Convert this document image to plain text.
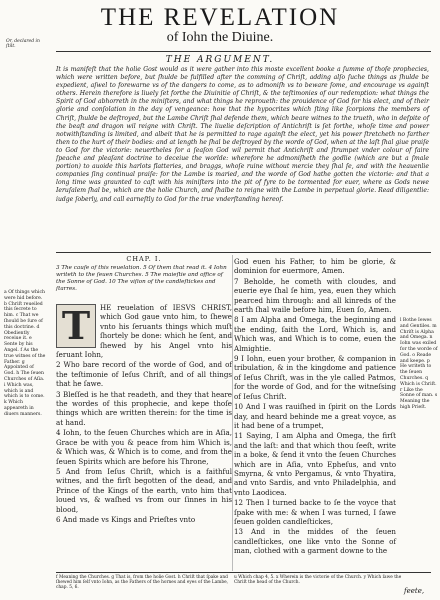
THE REVELATION
of Iohn the Diuine.
Or, declared in ſtilt.
THE ARGUMENT.
It is manifeſt that the holie Gost would as it were gather into this moste excellent booke a ſumme of thoſe prophecies, which were written before, but ſhulde be fulfilled after the comming of Chriſt, adding alſo ſuche things as ſhulde be expedient, aſwel to forewarne vs of the dangers to come, as to admoniſh vs to beware ſome, and encourage vs againſt others. Herein therefore is liuely ſet forthe the Diuinitie of Chriſt, & the teſtimonies of our redemption: what things the Spirit of God abhorreth in the miniſters, and what things he reproueth: the prouidence of God for his elect, and of their glorie and conſolation in the day of vengeance: how that the hypocrites which ſting like ſcorpions the members of Chriſt, ſhulde be deſtroyed, but the Lambe Chriſt ſhal defende them, which beare witnes to the trueth, who in deſpite of the beaſt and dragon wil reigne with Chriſt. The liuelie deſcription of Antichriſt is ſet forthe, whoſe time and power notwithſtanding is limited, and albeit that he is permitted to rage againſt the elect, yet his power ſtretcheth no farther then to the hurt of their bodies: and at length he ſhal be deſtroyed by the worde of God, when at the laſt ſhal giue praiſe to God for the victorie: neuertheles for a ſeaſon God wil permit that Antichriſt and ſtrumpet vnder colour of faire ſpeache and pleaſant doctrine to deceiue the worlde: wherefore he admoniſheth the godlie (which are but a ſmale portion) to auoide this harlots flatteries, and braggs, whoſe ruine without mercie they ſhal ſe, and with the heauenlie companies ſing continual praiſe: for the Lambe is maried, and the worde of God hathe gotten the victorie: and that a long time was graunted to caſt with his miniſters into the pit of fyre to be tormented for euer, where as Gods newe Ieruſalem ſhal be, which are the holie Church, and ſhalbe to reigne with the Lambe in perpetual glorie. Read diligentlie: iudge ſoberly, and call earneſtly to God for the true vnderſtanding hereof.
CHAP. I.
3 The cauſe of this reuelation. 5 Of them that read it. 4 Iohn writeth to the ſeuen Churches. 5 The maieſtie and office of the Sonne of God. 10 The viſion of the candleſtickes and ſtarres.
a Of things which were hid before. b Chriſt reueiled this ſecrete to him. c That we ſhould be ſure of this doctrine. d Obediently receiue it. e Sente by his Angel. f As the true witnes of the Father. g Appointed of God. h The ſeuen Churches of Aſia. i Which was, which is and which is to come. k Which appeareth in diuers manners.
l Bothe Iewes and Gentiles. m Chriſt is Alpha and Omega. n Iohn was exiled for the worde of God. o Reade and keepe. p He writeth to the ſeuen Churches. q Which is Chriſt. r Like the Sonne of man. s Meaning the high Prieſt.
T	HE reuelation of IESVS CHRIST, which God gaue vnto him, to ſhewe vnto his ſeruants things which muſt ſhortely be done: which he ſent, and ſhewed by his Angel vnto his ſeruant Iohn,

2 Who bare record of the worde of God, and of the teſtimonie of Ieſus Chriſt, and of all things that he ſawe.

3 Bleſſed is he that readeth, and they that heare the wordes of this prophecie, and kepe thoſe things which are written therein: for the time is at hand.

4 Iohn, to the ſeuen Churches which are in Aſia, Grace be with you & peace from him Which is, & Which was, & Which is to come, and from the ſeuen Spirits which are before his Throne,

5 And from Ieſus Chriſt, which is a faithful witnes, and the firſt begotten of the dead, and Prince of the Kings of the earth, vnto him that loued vs, & waſhed vs from our ſinnes in his blood,

6 And made vs Kings and Prieſtes vnto

God euen his Father, to him be glorie, & dominion for euermore, Amen.

7 Beholde, he cometh with cloudes, and euerie eye ſhal ſe him, yea, euen they which pearced him through: and all kinreds of the earth ſhal waile before him, Euen ſo, Amen.

8 I am Alpha and Omega, the beginning and the ending, ſaith the Lord, Which is, and Which was, and Which is to come, euen the Almightie.

9 I Iohn, euen your brother, & companion in tribulation, & in the kingdome and patience of Ieſus Chriſt, was in the yle called Patmos, for the worde of God, and for the witneſsing of Ieſus Chriſt.

10 And I was rauiſhed in ſpirit on the Lords day, and heard behinde me a great voyce, as it had bene of a trumpet,

11 Saying, I am Alpha and Omega, the firſt and the laſt: and that which thou ſeeſt, write in a boke, & ſend it vnto the ſeuen Churches which are in Aſia, vnto Epheſus, and vnto Smyrna, & vnto Pergamus, & vnto Thyatira, and vnto Sardis, and vnto Philadelphia, and vnto Laodicea.

12 Then I turned backe to ſe the voyce that ſpake with me: & when I was turned, I ſawe ſeuen golden candleſtickes,

13 And in the middes of the ſeuen candleſtickes, one like vnto the Sonne of man, clothed with a garment downe to the

f Meaning the Churches. g That is, from the holie Gost. h Chriſt that ſpake and ſhewed him ſelf vnto Iohn, as the Fathers of the hornes and eyes of the Lambe, chap. 5, 6.
u Which chap 4, 5. x Wherein is the victorie of the Church. y Which ſawe the Chriſt the head of the Church.
feete,
